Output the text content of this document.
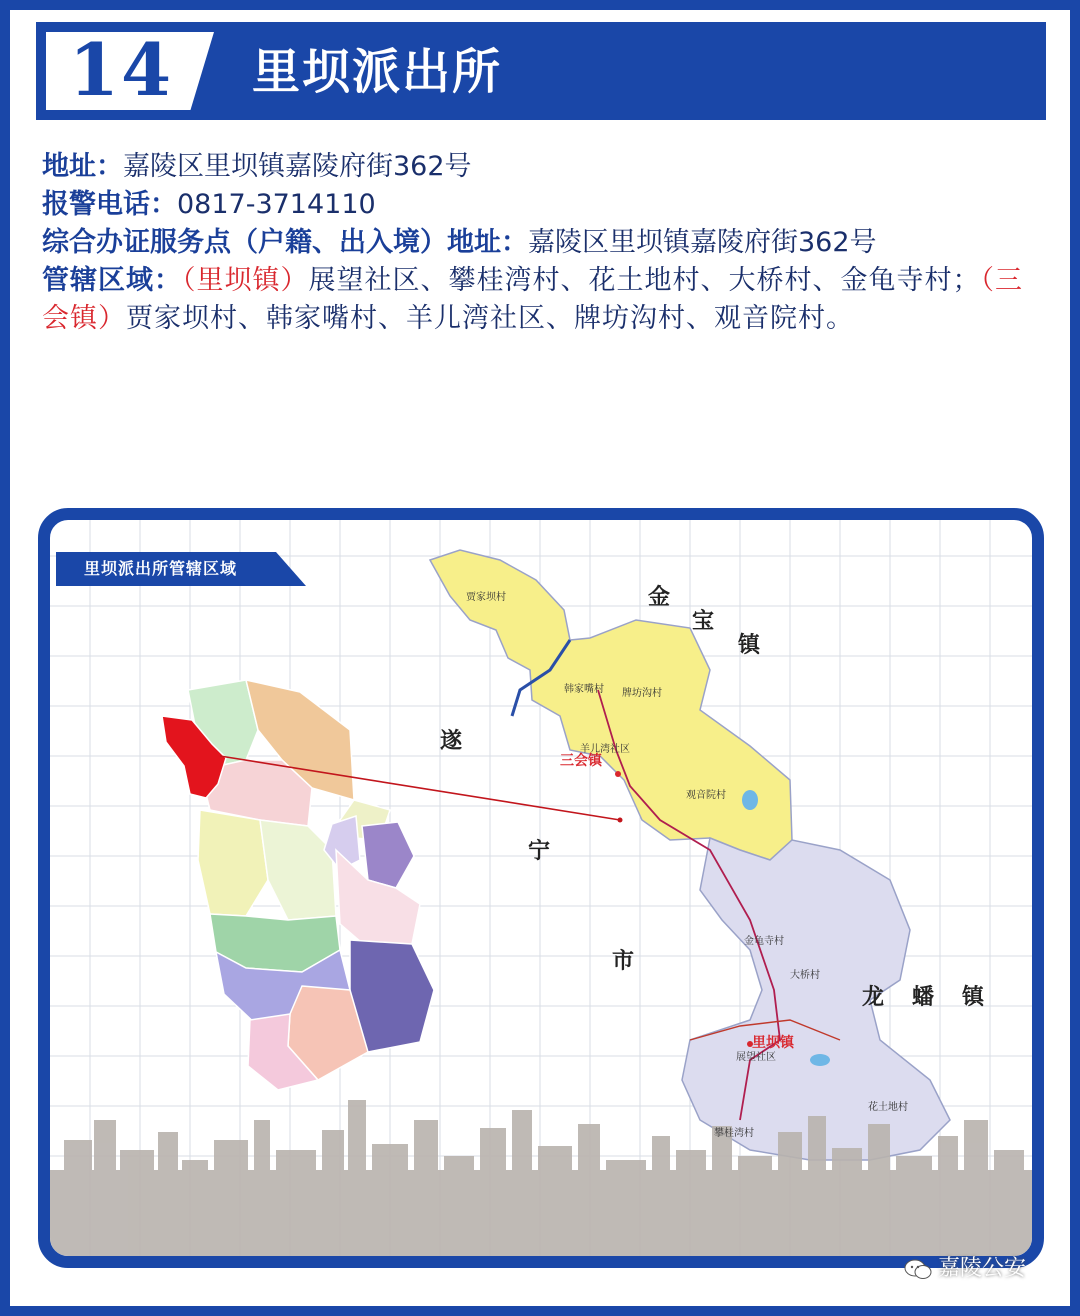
14	里坝派出所

地址：嘉陵区里坝镇嘉陵府街362号

报警电话：0817-3714110

综合办证服务点（户籍、出入境）地址：嘉陵区里坝镇嘉陵府街362号

管辖区域：（里坝镇）展望社区、攀桂湾村、花土地村、大桥村、金龟寺村；（三会镇）贾家坝村、韩家嘴村、羊儿湾社区、牌坊沟村、观音院村。

里坝派出所管辖区域
金
宝
镇
遂
宁
市
龙 蟠 镇
三会镇
里坝镇
贾家坝村
韩家嘴村 牌坊沟村
羊儿湾社区
观音院村
大桥村
花土地村
攀桂湾村
金龟寺村
展望社区
嘉陵公安
